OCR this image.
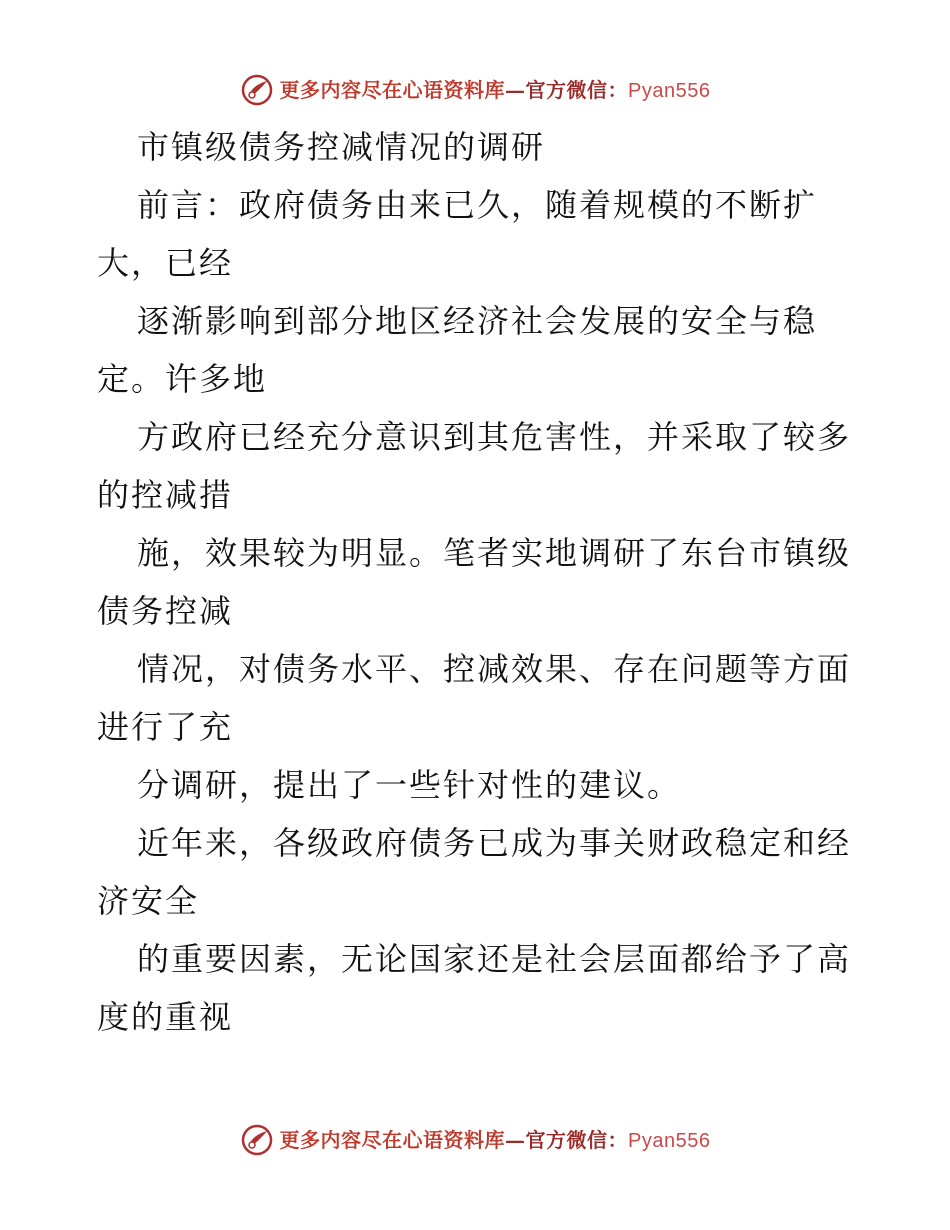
更多内容尽在心语资料库—官方微信：Pyan556
市镇级债务控减情况的调研
前言：政府债务由来已久，随着规模的不断扩
大，已经
逐渐影响到部分地区经济社会发展的安全与稳
定。许多地
方政府已经充分意识到其危害性，并采取了较多
的控减措
施，效果较为明显。笔者实地调研了东台市镇级
债务控减
情况，对债务水平、控减效果、存在问题等方面
进行了充
分调研，提出了一些针对性的建议。
近年来，各级政府债务已成为事关财政稳定和经
济安全
的重要因素，无论国家还是社会层面都给予了高
度的重视
更多内容尽在心语资料库—官方微信：Pyan556
